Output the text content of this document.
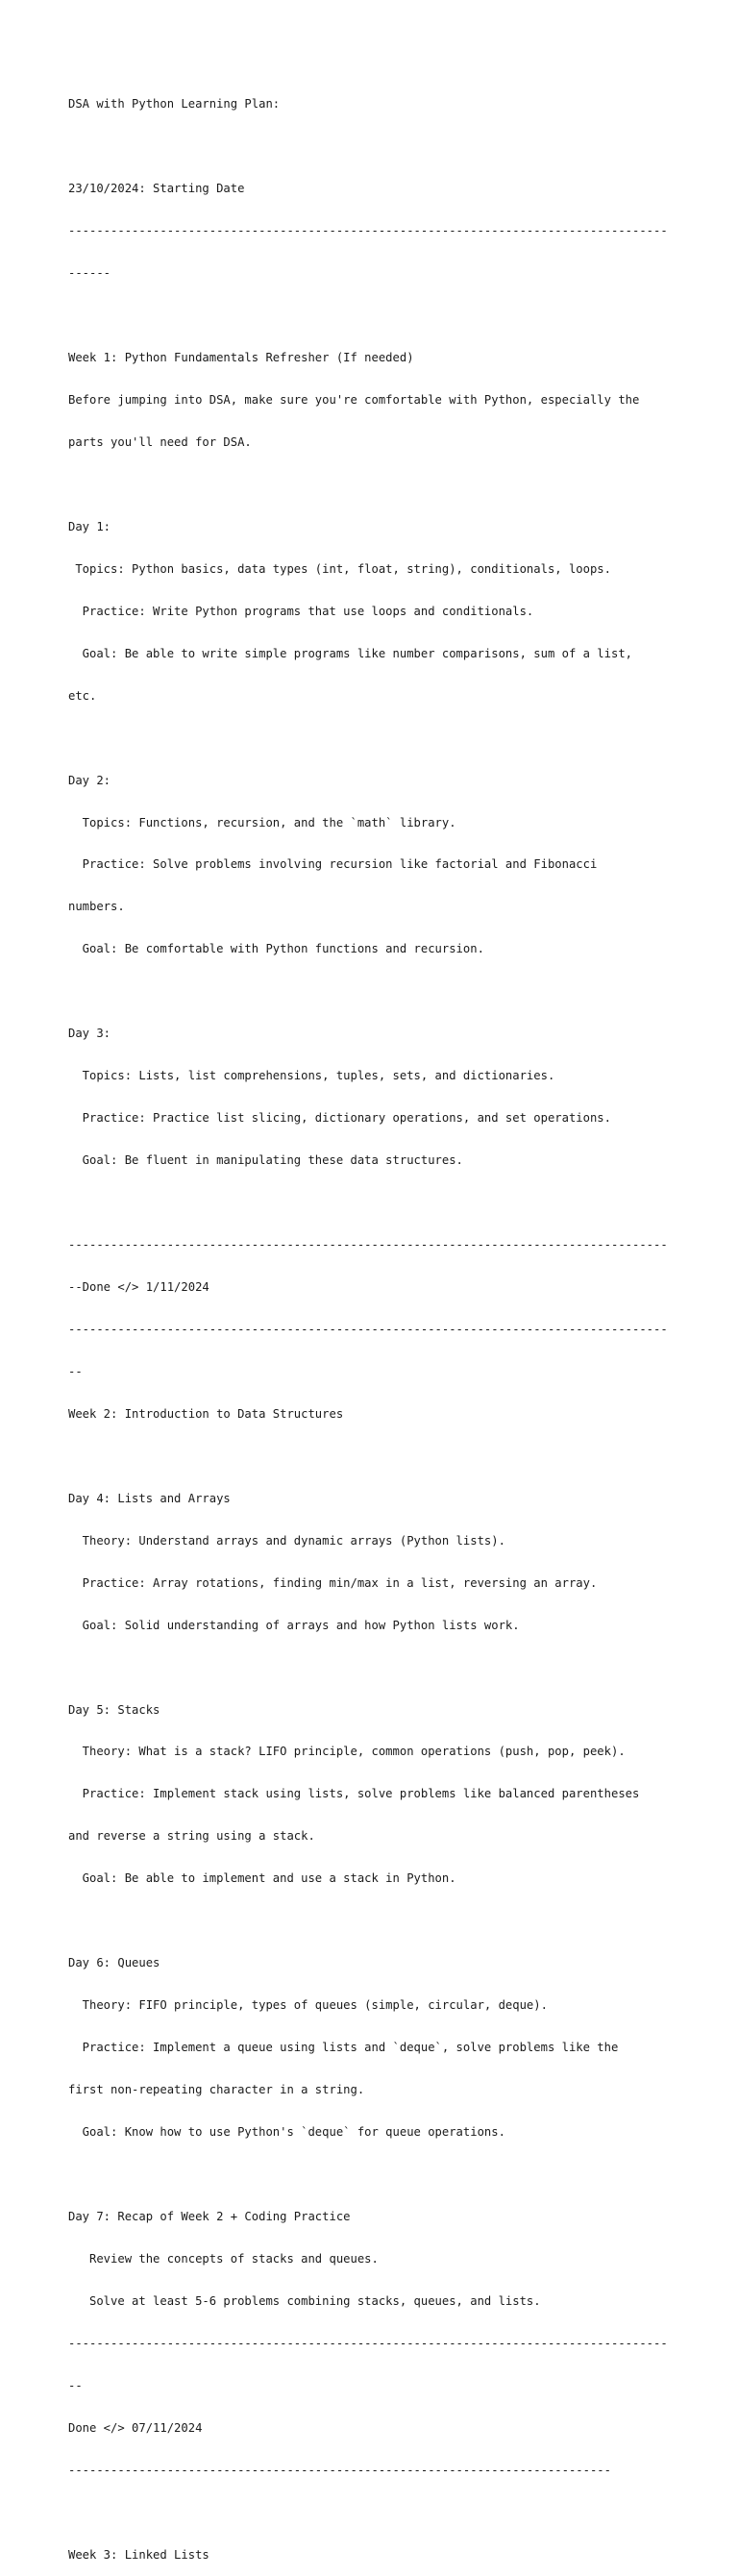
DSA with Python Learning Plan:

23/10/2024: Starting Date

-------------------------------------------------------------------------------------

------

Week 1: Python Fundamentals Refresher (If needed)

Before jumping into DSA, make sure you're comfortable with Python, especially the

parts you'll need for DSA.

Day 1:

Topics: Python basics, data types (int, float, string), conditionals, loops.

Practice: Write Python programs that use loops and conditionals.

Goal: Be able to write simple programs like number comparisons, sum of a list,

etc.

Day 2:

Topics: Functions, recursion, and the `math` library.

Practice: Solve problems involving recursion like factorial and Fibonacci

numbers.

Goal: Be comfortable with Python functions and recursion.

Day 3:

Topics: Lists, list comprehensions, tuples, sets, and dictionaries.

Practice: Practice list slicing, dictionary operations, and set operations.

Goal: Be fluent in manipulating these data structures.

-------------------------------------------------------------------------------------

--Done </> 1/11/2024

-------------------------------------------------------------------------------------

--

Week 2: Introduction to Data Structures

Day 4: Lists and Arrays

Theory: Understand arrays and dynamic arrays (Python lists).

Practice: Array rotations, finding min/max in a list, reversing an array.

Goal: Solid understanding of arrays and how Python lists work.

Day 5: Stacks

Theory: What is a stack? LIFO principle, common operations (push, pop, peek).

Practice: Implement stack using lists, solve problems like balanced parentheses

and reverse a string using a stack.

Goal: Be able to implement and use a stack in Python.

Day 6: Queues

Theory: FIFO principle, types of queues (simple, circular, deque).

Practice: Implement a queue using lists and `deque`, solve problems like the

first non-repeating character in a string.

Goal: Know how to use Python's `deque` for queue operations.

Day 7: Recap of Week 2 + Coding Practice

Review the concepts of stacks and queues.

Solve at least 5-6 problems combining stacks, queues, and lists.

-------------------------------------------------------------------------------------

--

Done </> 07/11/2024

-----------------------------------------------------------------------------

Week 3: Linked Lists
